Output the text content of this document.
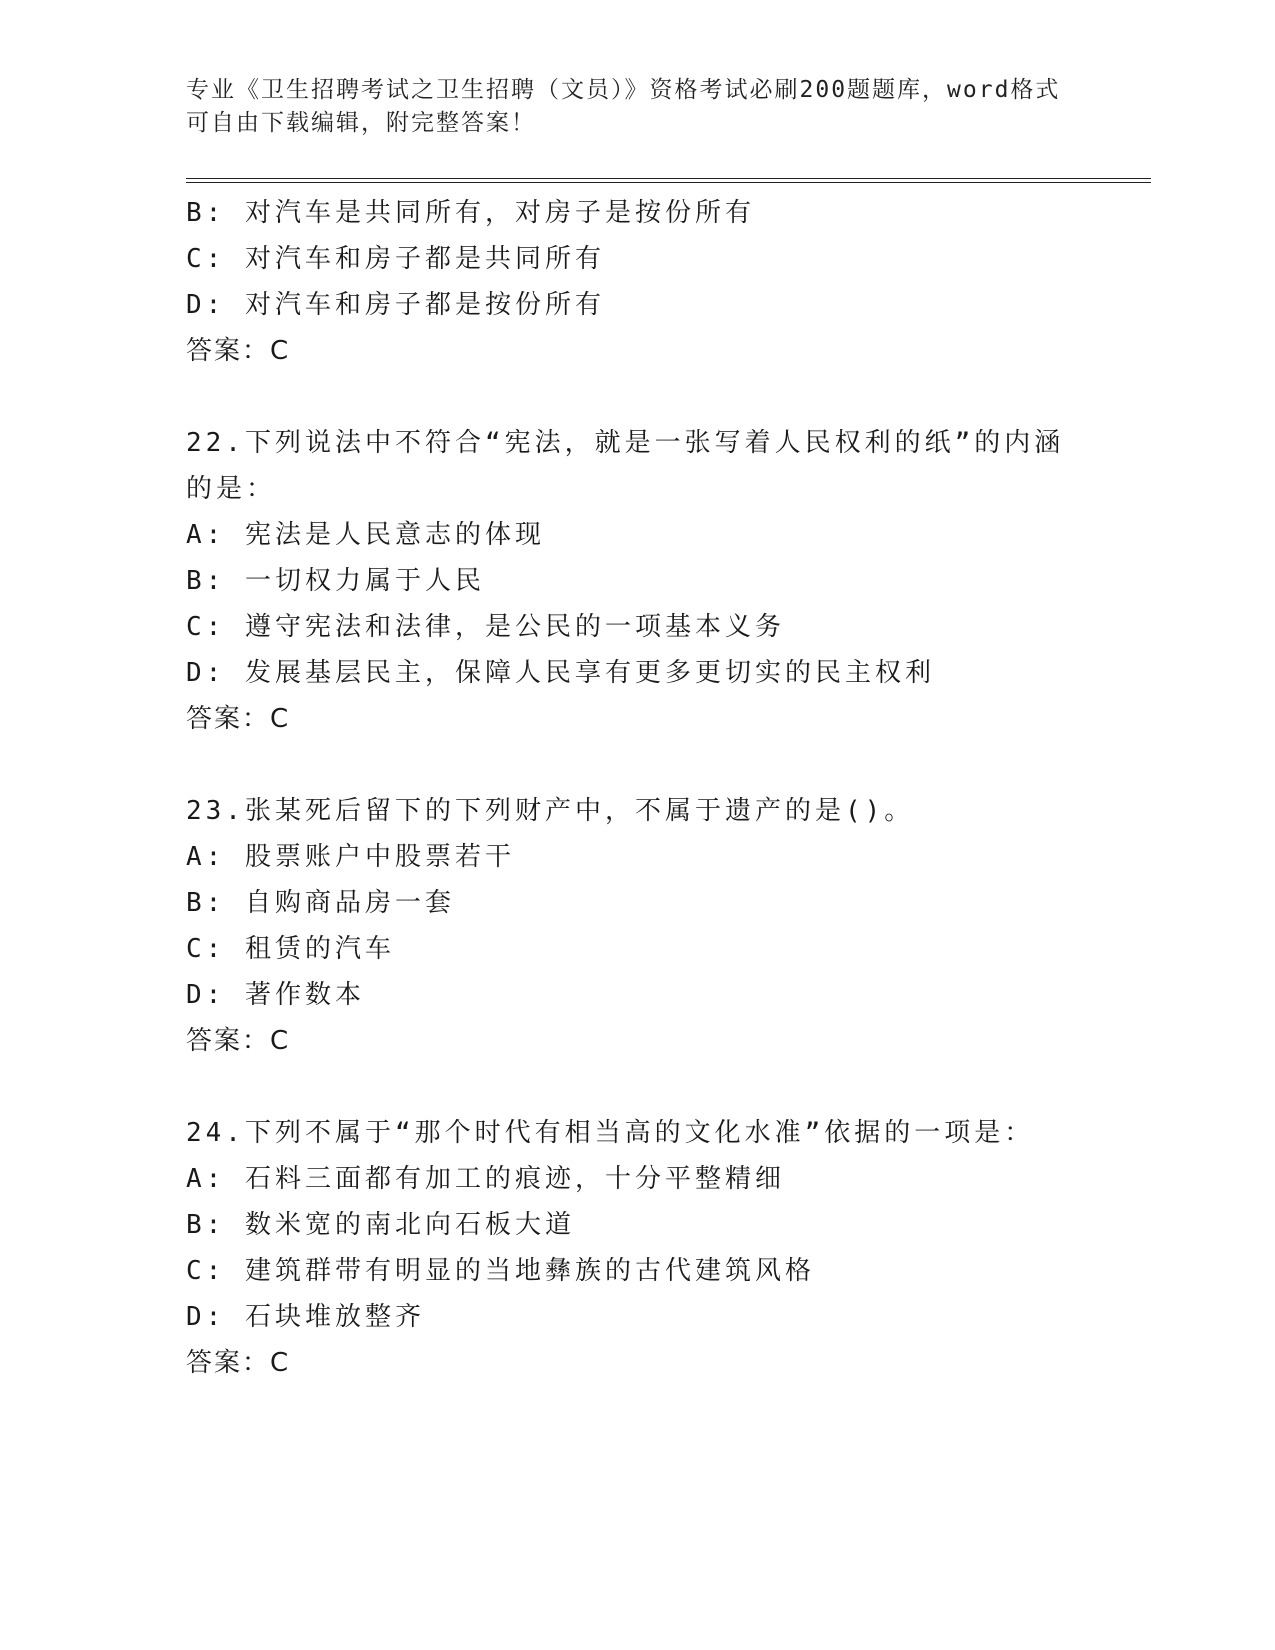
专业《卫生招聘考试之卫生招聘（文员）》资格考试必刷200题题库，word格式
可自由下载编辑，附完整答案！
B: 对汽车是共同所有，对房子是按份所有
C: 对汽车和房子都是共同所有
D: 对汽车和房子都是按份所有
答案：C
22.下列说法中不符合“宪法，就是一张写着人民权利的纸”的内涵的是：
A: 宪法是人民意志的体现
B: 一切权力属于人民
C: 遵守宪法和法律，是公民的一项基本义务
D: 发展基层民主，保障人民享有更多更切实的民主权利
答案：C
23.张某死后留下的下列财产中，不属于遗产的是()。
A: 股票账户中股票若干
B: 自购商品房一套
C: 租赁的汽车
D: 著作数本
答案：C
24.下列不属于“那个时代有相当高的文化水准”依据的一项是：
A: 石料三面都有加工的痕迹，十分平整精细
B: 数米宽的南北向石板大道
C: 建筑群带有明显的当地彝族的古代建筑风格
D: 石块堆放整齐
答案：C
